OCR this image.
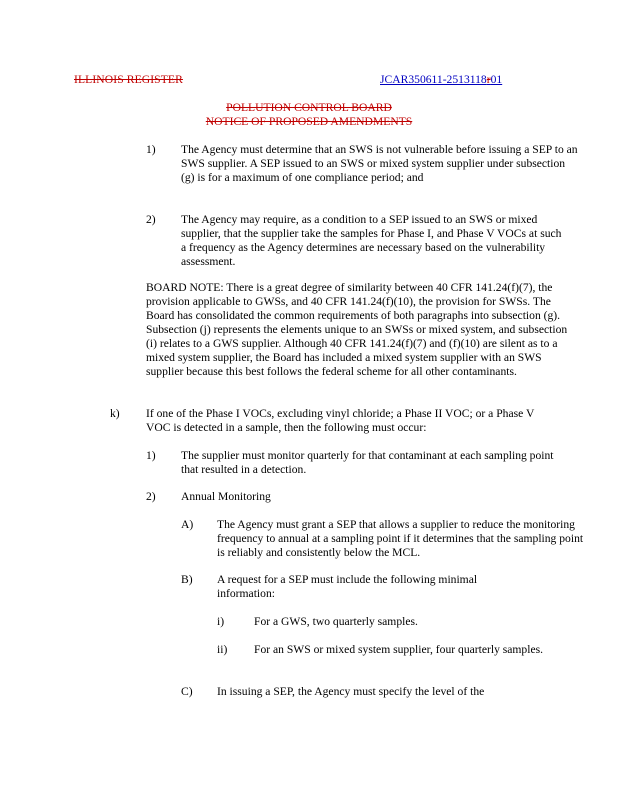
ILLINOIS REGISTER	JCAR350611-2513118r01
POLLUTION CONTROL BOARD
NOTICE OF PROPOSED AMENDMENTS
1) The Agency must determine that an SWS is not vulnerable before issuing a SEP to an SWS supplier. A SEP issued to an SWS or mixed system supplier under subsection (g) is for a maximum of one compliance period; and
2) The Agency may require, as a condition to a SEP issued to an SWS or mixed supplier, that the supplier take the samples for Phase I, and Phase V VOCs at such a frequency as the Agency determines are necessary based on the vulnerability assessment.
BOARD NOTE: There is a great degree of similarity between 40 CFR 141.24(f)(7), the provision applicable to GWSs, and 40 CFR 141.24(f)(10), the provision for SWSs. The Board has consolidated the common requirements of both paragraphs into subsection (g). Subsection (j) represents the elements unique to an SWSs or mixed system, and subsection (i) relates to a GWS supplier. Although 40 CFR 141.24(f)(7) and (f)(10) are silent as to a mixed system supplier, the Board has included a mixed system supplier with an SWS supplier because this best follows the federal scheme for all other contaminants.
k) If one of the Phase I VOCs, excluding vinyl chloride; a Phase II VOC; or a Phase V VOC is detected in a sample, then the following must occur:
1) The supplier must monitor quarterly for that contaminant at each sampling point that resulted in a detection.
2) Annual Monitoring
A) The Agency must grant a SEP that allows a supplier to reduce the monitoring frequency to annual at a sampling point if it determines that the sampling point is reliably and consistently below the MCL.
B) A request for a SEP must include the following minimal information:
i)	For a GWS, two quarterly samples.
ii) For an SWS or mixed system supplier, four quarterly samples.
C) In issuing a SEP, the Agency must specify the level of the
